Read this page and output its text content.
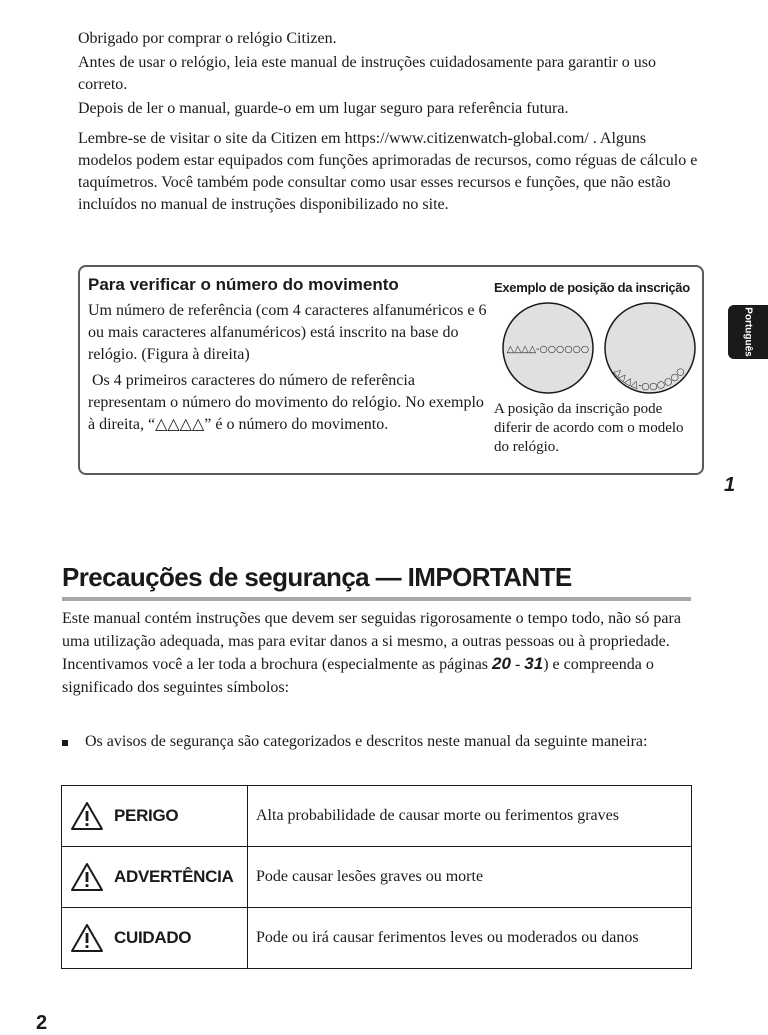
Obrigado por comprar o relógio Citizen.

Antes de usar o relógio, leia este manual de instruções cuidadosamente para garantir o uso correto.

Depois de ler o manual, guarde-o em um lugar seguro para referência futura.

Lembre-se de visitar o site da Citizen em https://www.citizenwatch-global.com/ . Alguns modelos podem estar equipados com funções aprimoradas de recursos, como réguas de cálculo e taquímetros. Você também pode consultar como usar esses recursos e funções, que não estão incluídos no manual de instruções disponibilizado no site.

Para verificar o número do movimento

Um número de referência (com 4 caracteres alfanuméricos e 6 ou mais caracteres alfanuméricos) está inscrito na base do relógio. (Figura à direita)

Os 4 primeiros caracteres do número de referência representam o número do movimento do relógio. No exemplo à direita, “△△△△” é o número do movimento.

Exemplo de posição da inscrição
△△△△-○○○○○○
△△△△-○○○○○○
A posição da inscrição pode diferir de acordo com o modelo do relógio.
Português
1
Precauções de segurança — IMPORTANTE
Este manual contém instruções que devem ser seguidas rigorosamente o tempo todo, não só para uma utilização adequada, mas para evitar danos a si mesmo, a outras pessoas ou à propriedade. Incentivamos você a ler toda a brochura (especialmente as páginas 20 - 31) e compreenda o significado dos seguintes símbolos:
Os avisos de segurança são categorizados e descritos neste manual da seguinte maneira:
PERIGO	Alta probabilidade de causar morte ou ferimentos graves

ADVERTÊNCIA	Pode causar lesões graves ou morte

CUIDADO	Pode ou irá causar ferimentos leves ou moderados ou danos
2
